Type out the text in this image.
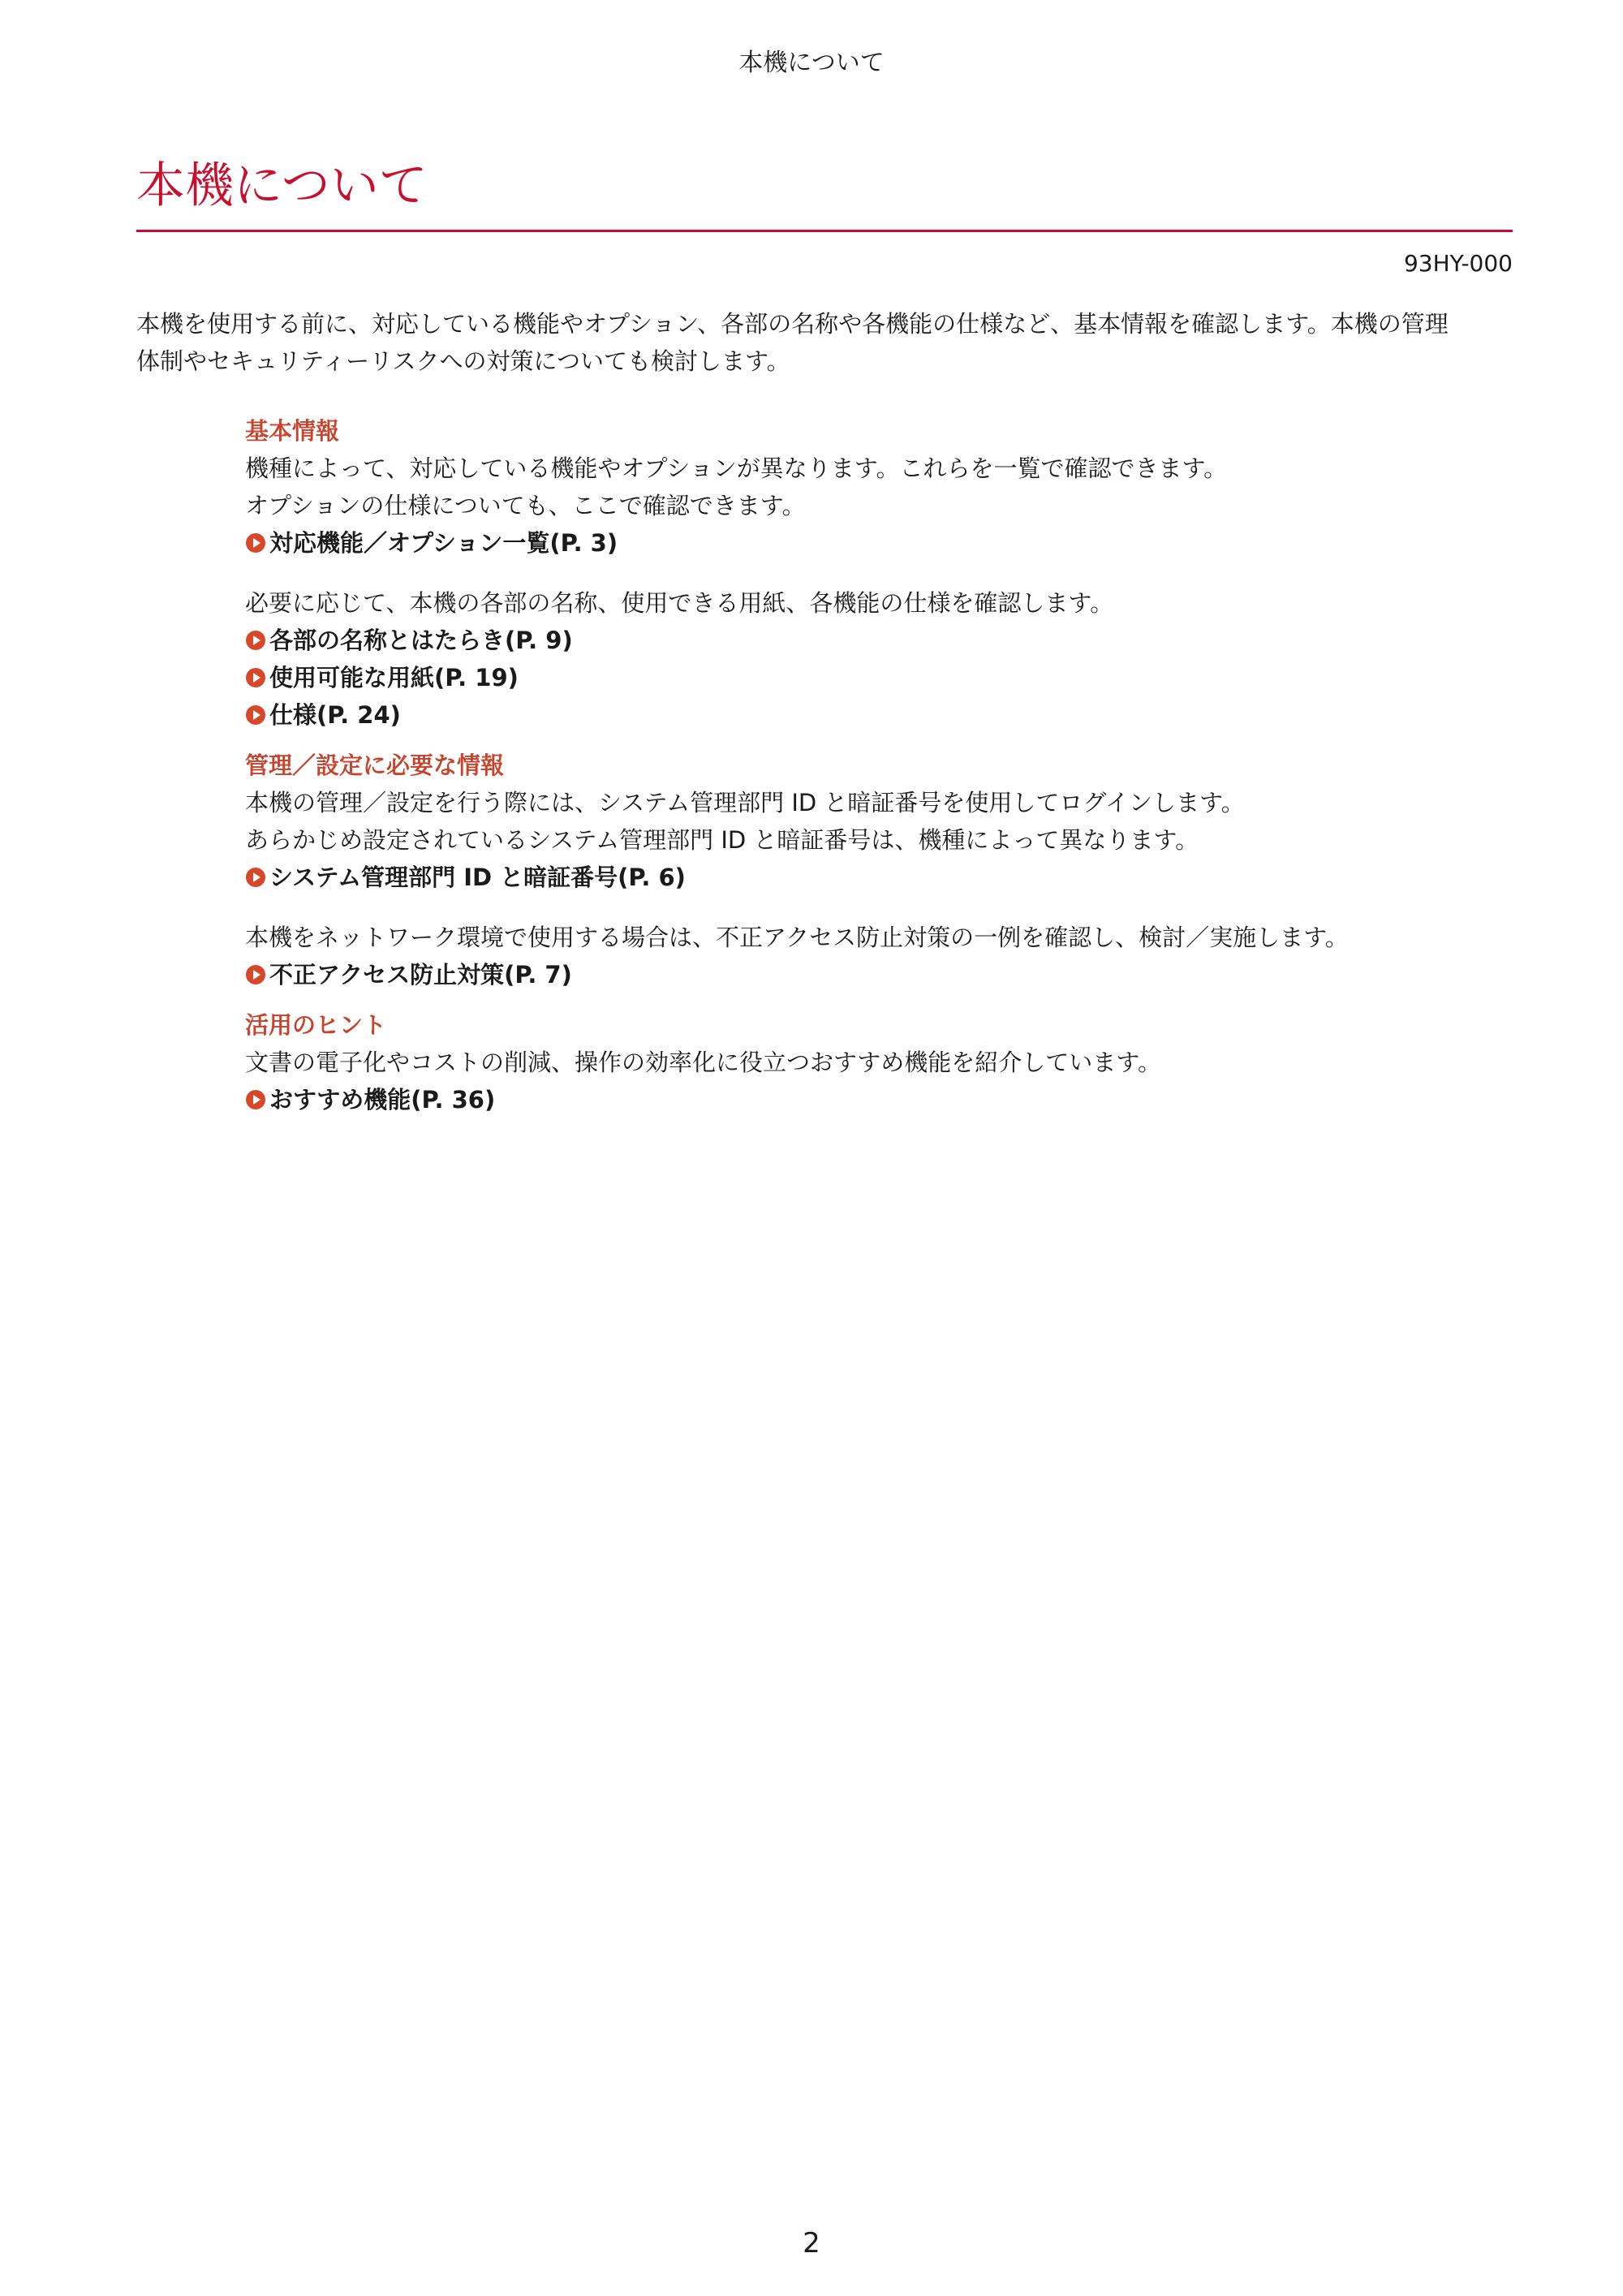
本機について
本機について
93HY-000

本機を使用する前に、対応している機能やオプション、各部の名称や各機能の仕様など、基本情報を確認します。本機の管理

体制やセキュリティーリスクへの対策についても検討します。

基本情報

機種によって、対応している機能やオプションが異なります。これらを一覧で確認できます。

オプションの仕様についても、ここで確認できます。

対応機能／オプション一覧(P. 3)

必要に応じて、本機の各部の名称、使用できる用紙、各機能の仕様を確認します。

各部の名称とはたらき(P. 9)
使用可能な用紙(P. 19)
仕様(P. 24)

管理／設定に必要な情報

本機の管理／設定を行う際には、システム管理部門 ID と暗証番号を使用してログインします。

あらかじめ設定されているシステム管理部門 ID と暗証番号は、機種によって異なります。

システム管理部門 ID と暗証番号(P. 6)

本機をネットワーク環境で使用する場合は、不正アクセス防止対策の一例を確認し、検討／実施します。

不正アクセス防止対策(P. 7)

活用のヒント

文書の電子化やコストの削減、操作の効率化に役立つおすすめ機能を紹介しています。

おすすめ機能(P. 36)
2
